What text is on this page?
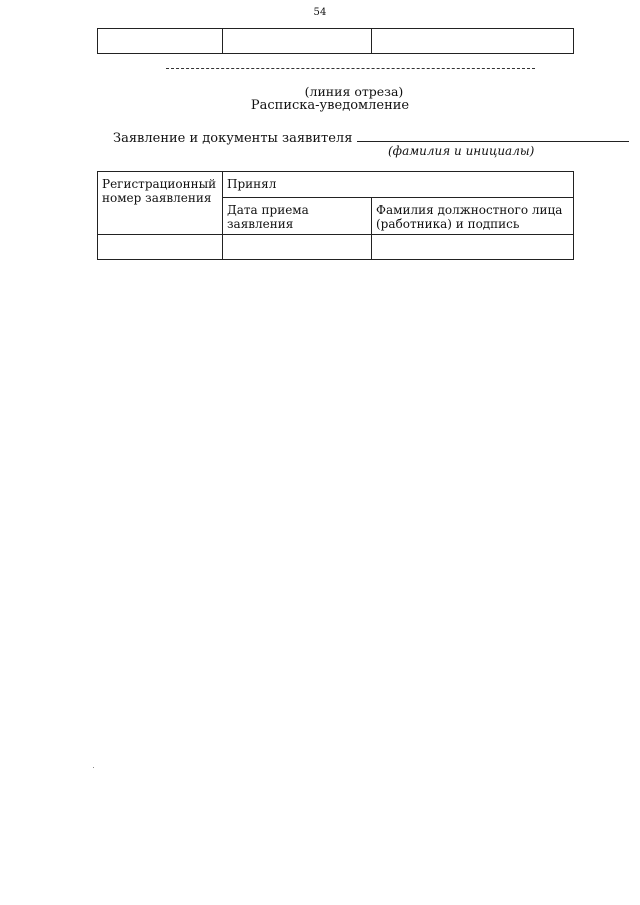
54

(линия отреза)
Расписка-уведомление
Заявление и документы заявителя
(фамилия и инициалы)
Регистрационный номер заявления	Принял	
	Дата приема заявления	Фамилия должностного лица (работника) и подпись
